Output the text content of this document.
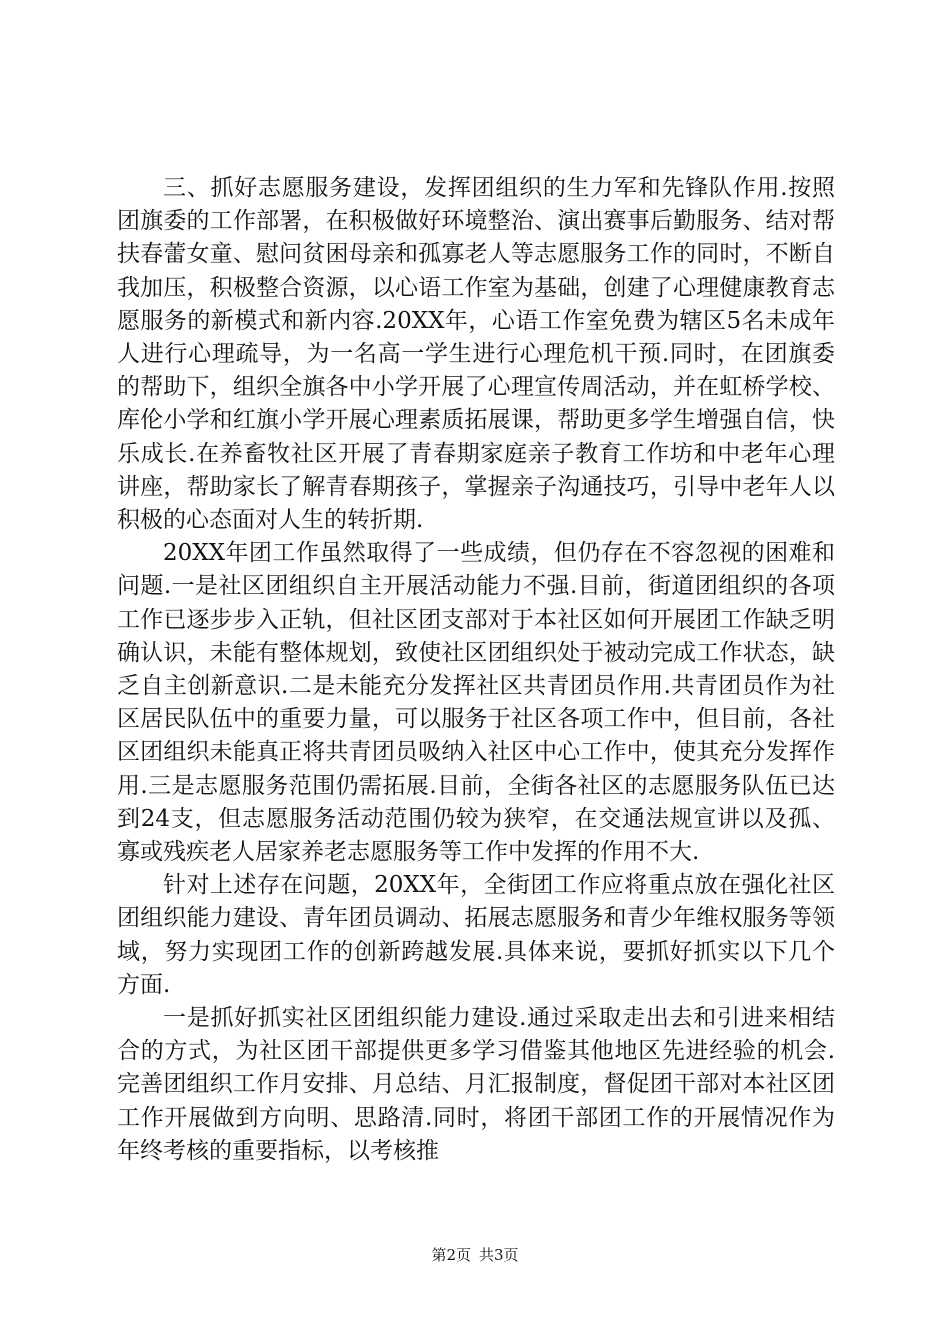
三、抓好志愿服务建设，发挥团组织的生力军和先锋队作用.按照团旗委的工作部署，在积极做好环境整治、演出赛事后勤服务、结对帮扶春蕾女童、慰问贫困母亲和孤寡老人等志愿服务工作的同时，不断自我加压，积极整合资源，以心语工作室为基础，创建了心理健康教育志愿服务的新模式和新内容.20XX年，心语工作室免费为辖区5名未成年人进行心理疏导，为一名高一学生进行心理危机干预.同时，在团旗委的帮助下，组织全旗各中小学开展了心理宣传周活动，并在虹桥学校、库伦小学和红旗小学开展心理素质拓展课，帮助更多学生增强自信，快乐成长.在养畜牧社区开展了青春期家庭亲子教育工作坊和中老年心理讲座，帮助家长了解青春期孩子，掌握亲子沟通技巧，引导中老年人以积极的心态面对人生的转折期.

20XX年团工作虽然取得了一些成绩，但仍存在不容忽视的困难和问题.一是社区团组织自主开展活动能力不强.目前，街道团组织的各项工作已逐步步入正轨，但社区团支部对于本社区如何开展团工作缺乏明确认识，未能有整体规划，致使社区团组织处于被动完成工作状态，缺乏自主创新意识.二是未能充分发挥社区共青团员作用.共青团员作为社区居民队伍中的重要力量，可以服务于社区各项工作中，但目前，各社区团组织未能真正将共青团员吸纳入社区中心工作中，使其充分发挥作用.三是志愿服务范围仍需拓展.目前，全街各社区的志愿服务队伍已达到24支，但志愿服务活动范围仍较为狭窄，在交通法规宣讲以及孤、寡或残疾老人居家养老志愿服务等工作中发挥的作用不大.

针对上述存在问题，20XX年，全街团工作应将重点放在强化社区团组织能力建设、青年团员调动、拓展志愿服务和青少年维权服务等领域，努力实现团工作的创新跨越发展.具体来说，要抓好抓实以下几个方面.

一是抓好抓实社区团组织能力建设.通过采取走出去和引进来相结合的方式，为社区团干部提供更多学习借鉴其他地区先进经验的机会.完善团组织工作月安排、月总结、月汇报制度，督促团干部对本社区团工作开展做到方向明、思路清.同时，将团干部团工作的开展情况作为年终考核的重要指标，以考核推

第2页 共3页
